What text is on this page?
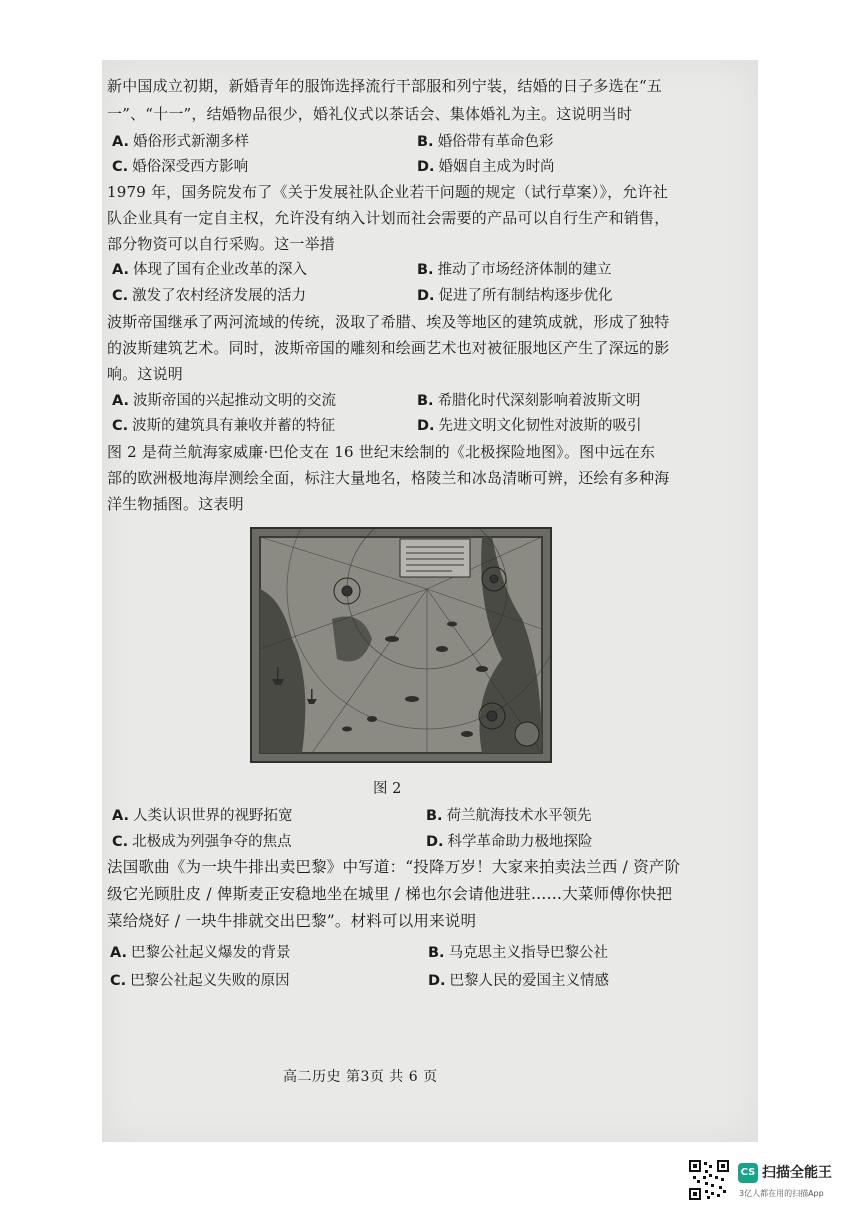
新中国成立初期，新婚青年的服饰选择流行干部服和列宁装，结婚的日子多选在“五
一”、“十一”，结婚物品很少，婚礼仪式以茶话会、集体婚礼为主。这说明当时
A. 婚俗形式新潮多样	B. 婚俗带有革命色彩
C. 婚俗深受西方影响	D. 婚姻自主成为时尚
1979 年，国务院发布了《关于发展社队企业若干问题的规定（试行草案）》，允许社
队企业具有一定自主权，允许没有纳入计划而社会需要的产品可以自行生产和销售，
部分物资可以自行采购。这一举措
A. 体现了国有企业改革的深入	B. 推动了市场经济体制的建立
C. 激发了农村经济发展的活力	D. 促进了所有制结构逐步优化
波斯帝国继承了两河流域的传统，汲取了希腊、埃及等地区的建筑成就，形成了独特
的波斯建筑艺术。同时，波斯帝国的雕刻和绘画艺术也对被征服地区产生了深远的影
响。这说明
A. 波斯帝国的兴起推动文明的交流	B. 希腊化时代深刻影响着波斯文明
C. 波斯的建筑具有兼收并蓄的特征	D. 先进文明文化韧性对波斯的吸引
图 2 是荷兰航海家威廉·巴伦支在 16 世纪末绘制的《北极探险地图》。图中远在东
部的欧洲极地海岸测绘全面，标注大量地名，格陵兰和冰岛清晰可辨，还绘有多种海
洋生物插图。这表明
图 2
A. 人类认识世界的视野拓宽	B. 荷兰航海技术水平领先
C. 北极成为列强争夺的焦点	D. 科学革命助力极地探险
法国歌曲《为一块牛排出卖巴黎》中写道：“投降万岁！大家来拍卖法兰西 / 资产阶
级它光顾肚皮 / 俾斯麦正安稳地坐在城里 / 梯也尔会请他进驻……大菜师傅你快把
菜给烧好 / 一块牛排就交出巴黎”。材料可以用来说明
A. 巴黎公社起义爆发的背景	B. 马克思主义指导巴黎公社
C. 巴黎公社起义失败的原因	D. 巴黎人民的爱国主义情感
高二历史 第3页 共 6 页
CS 扫描全能王
3亿人都在用的扫描App
